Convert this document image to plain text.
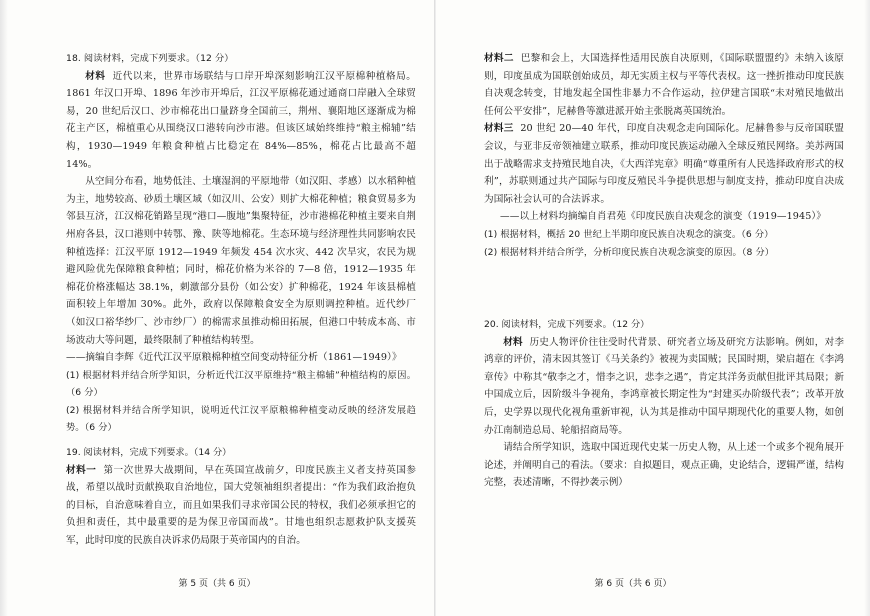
18. 阅读材料，完成下列要求。（12 分）

材料 近代以来，世界市场联结与口岸开埠深刻影响江汉平原棉种植格局。1861 年汉口开埠、1896 年沙市开埠后，江汉平原棉花通过通商口岸融入全球贸易，20 世纪后汉口、沙市棉花出口量跻身全国前三，荆州、襄阳地区逐渐成为棉花主产区，棉植重心从围绕汉口港转向沙市港。但该区域始终维持“粮主棉辅”结构，1930—1949 年粮食种植占比稳定在 84%—85%，棉花占比最高不超 14%。

从空间分布看，地势低洼、土壤湿润的平原地带（如汉阳、孝感）以水稻种植为主，地势较高、砂质土壤区域（如汉川、公安）则扩大棉花种植；粮食贸易多为邻县互济，江汉棉花销路呈现“港口—腹地”集聚特征，沙市港棉花种植主要来自荆州府各县，汉口港则中转鄂、豫、陕等地棉花。生态环境与经济理性共同影响农民种植选择：江汉平原 1912—1949 年频发 454 次水灾、442 次旱灾，农民为规避风险优先保障粮食种植；同时，棉花价格为米谷的 7—8 倍，1912—1935 年棉花价格涨幅达 38.1%，刺激部分县份（如公安）扩种棉花，1924 年该县棉植面积较上年增加 30%。此外，政府以保障粮食安全为原则调控种植。近代纱厂（如汉口裕华纱厂、沙市纱厂）的棉需求虽推动棉田拓展，但港口中转成本高、市场波动大等问题，最终限制了种植结构转型。

——摘编自李辉《近代江汉平原粮棉种植空间变动特征分析（1861—1949）》

(1) 根据材料并结合所学知识，分析近代江汉平原维持“粮主棉辅”种植结构的原因。（6 分）

(2) 根据材料并结合所学知识，说明近代江汉平原粮棉种植变动反映的经济发展趋势。（6 分）

19. 阅读材料，完成下列要求。（14 分）

材料一 第一次世界大战期间，早在英国宣战前夕，印度民族主义者支持英国参战，希望以战时贡献换取自治地位，国大党领袖组织者提出：“作为我们政治抱负的目标，自治意味着自立，而且如果我们寻求帝国公民的特权，我们必须承担它的负担和责任，其中最重要的是为保卫帝国而战”。甘地也组织志愿救护队支援英军，此时印度的民族自决诉求仍局限于英帝国内的自治。

第 5 页（共 6 页）

材料二 巴黎和会上，大国选择性适用民族自决原则，《国际联盟盟约》未纳入该原则，印度虽成为国联创始成员，却无实质主权与平等代表权。这一挫折推动印度民族自决观念转变，甘地发起全国性非暴力不合作运动，拉伊建言国联“未对殖民地做出任何公平安排”，尼赫鲁等激进派开始主张脱离英国统治。

材料三 20 世纪 20—40 年代，印度自决观念走向国际化。尼赫鲁参与反帝国联盟会议，与亚非反帝领袖建立联系，推动印度民族运动融入全球反殖民网络。美苏两国出于战略需求支持殖民地自决，《大西洋宪章》明确“尊重所有人民选择政府形式的权利”，苏联则通过共产国际与印度反殖民斗争提供思想与制度支持，推动印度自决成为国际社会认可的合法诉求。

——以上材料均摘编自肖君苑《印度民族自决观念的演变（1919—1945）》

(1) 根据材料，概括 20 世纪上半期印度民族自决观念的演变。（6 分）

(2) 根据材料并结合所学，分析印度民族自决观念演变的原因。（8 分）

20. 阅读材料，完成下列要求。（12 分）

材料 历史人物评价往往受时代背景、研究者立场及研究方法影响。例如，对李鸿章的评价，清末因其签订《马关条约》被视为卖国贼；民国时期，梁启超在《李鸿章传》中称其“敬李之才，惜李之识，悲李之遇”，肯定其洋务贡献但批评其局限；新中国成立后，因阶级斗争视角，李鸿章被长期定性为“封建买办阶级代表”；改革开放后，史学界以现代化视角重新审视，认为其是推动中国早期现代化的重要人物，如创办江南制造总局、轮船招商局等。

请结合所学知识，选取中国近现代史某一历史人物，从上述一个或多个视角展开论述，并阐明自己的看法。（要求：自拟题目，观点正确，史论结合，逻辑严谨，结构完整，表述清晰，不得抄袭示例）

第 6 页（共 6 页）
